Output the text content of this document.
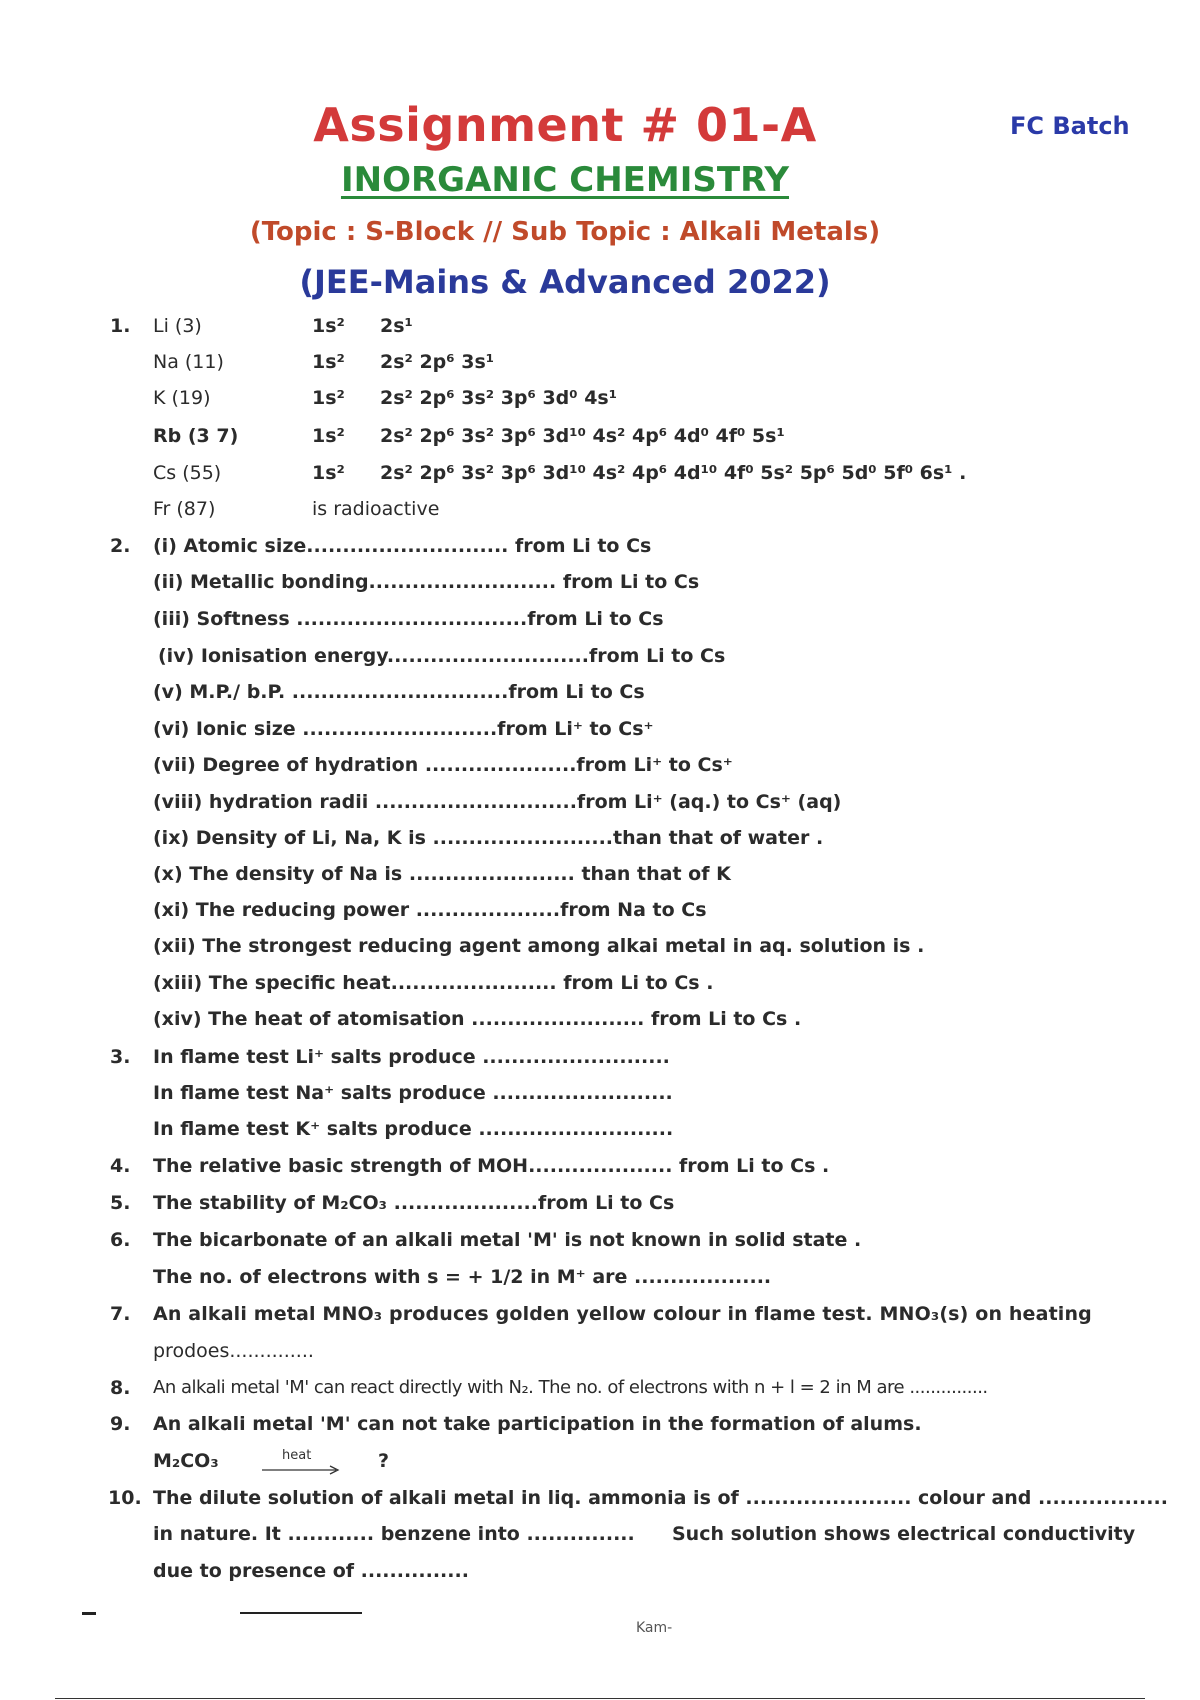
Assignment # 01-A	FC Batch
INORGANIC CHEMISTRY
(Topic : S-Block // Sub Topic : Alkali Metals)
(JEE-Mains & Advanced 2022)
1. Li (3)	1s² 2s¹
Na (11)	1s² 2s² 2p⁶ 3s¹
K (19)	1s² 2s² 2p⁶ 3s² 3p⁶ 3d⁰ 4s¹
Rb (3 7)	1s² 2s² 2p⁶ 3s² 3p⁶ 3d¹⁰ 4s² 4p⁶ 4d⁰ 4f⁰ 5s¹
Cs (55)	1s² 2s² 2p⁶ 3s² 3p⁶ 3d¹⁰ 4s² 4p⁶ 4d¹⁰ 4f⁰ 5s² 5p⁶ 5d⁰ 5f⁰ 6s¹ .
Fr (87)	is radioactive
2. (i) Atomic size............................ from Li to Cs
(ii) Metallic bonding.......................... from Li to Cs
(iii) Softness ................................from Li to Cs
(iv) Ionisation energy............................from Li to Cs
(v) M.P./ b.P. ..............................from Li to Cs
(vi) Ionic size ...........................from Li⁺ to Cs⁺
(vii) Degree of hydration .....................from Li⁺ to Cs⁺
(viii) hydration radii ............................from Li⁺ (aq.) to Cs⁺ (aq)
(ix) Density of Li, Na, K is .........................than that of water .
(x) The density of Na is ....................... than that of K
(xi) The reducing power ....................from Na to Cs
(xii) The strongest reducing agent among alkai metal in aq. solution is .
(xiii) The specific heat....................... from Li to Cs .
(xiv) The heat of atomisation ........................ from Li to Cs .
3. In flame test Li⁺ salts produce ..........................
In flame test Na⁺ salts produce .........................
In flame test K⁺ salts produce ...........................
4. The relative basic strength of MOH.................... from Li to Cs .
5. The stability of M₂CO₃ ....................from Li to Cs
6. The bicarbonate of an alkali metal 'M' is not known in solid state .
The no. of electrons with s = + 1/2 in M⁺ are ...................
7. An alkali metal MNO₃ produces golden yellow colour in flame test. MNO₃(s) on heating
prodoes..............
8. An alkali metal 'M' can react directly with N₂. The no. of electrons with n + l = 2 in M are ...............
9. An alkali metal 'M' can not take participation in the formation of alums.
M₂CO₃	heat	?
10. The dilute solution of alkali metal in liq. ammonia is of ....................... colour and ..................
in nature. It ............ benzene into ............... Such solution shows electrical conductivity
due to presence of ...............
Kam-
